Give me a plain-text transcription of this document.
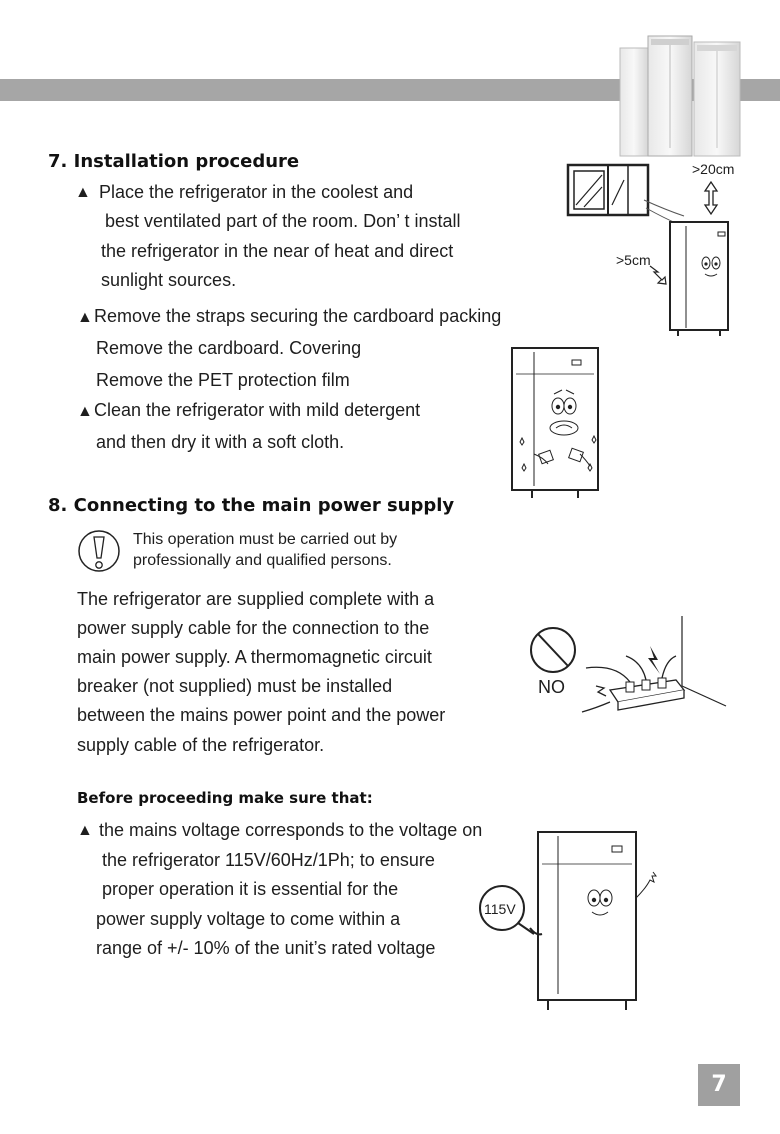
7. Installation procedure
▲ Place the refrigerator in the coolest and
best ventilated part of the room. Don’ t install
the refrigerator in the near of heat and direct
sunlight sources.
▲ Remove the straps securing the cardboard packing
Remove the cardboard. Covering
Remove the PET protection film
▲ Clean the refrigerator with mild detergent
and then dry it with a soft cloth.
>20cm
>5cm
8. Connecting to the main power supply
This operation must be carried out by
professionally and qualified persons.
The refrigerator are supplied complete with a
power supply cable for the connection to the
main power supply. A thermomagnetic circuit
breaker (not supplied) must be installed
between the mains power point and the power
supply cable of the refrigerator.
NO
Before proceeding make sure that:
▲ the mains voltage corresponds to the voltage on
the refrigerator 115V/60Hz/1Ph; to ensure
proper operation it is essential for the
power supply voltage to come within a
range of +/- 10% of the unit’s rated voltage
115V
7
